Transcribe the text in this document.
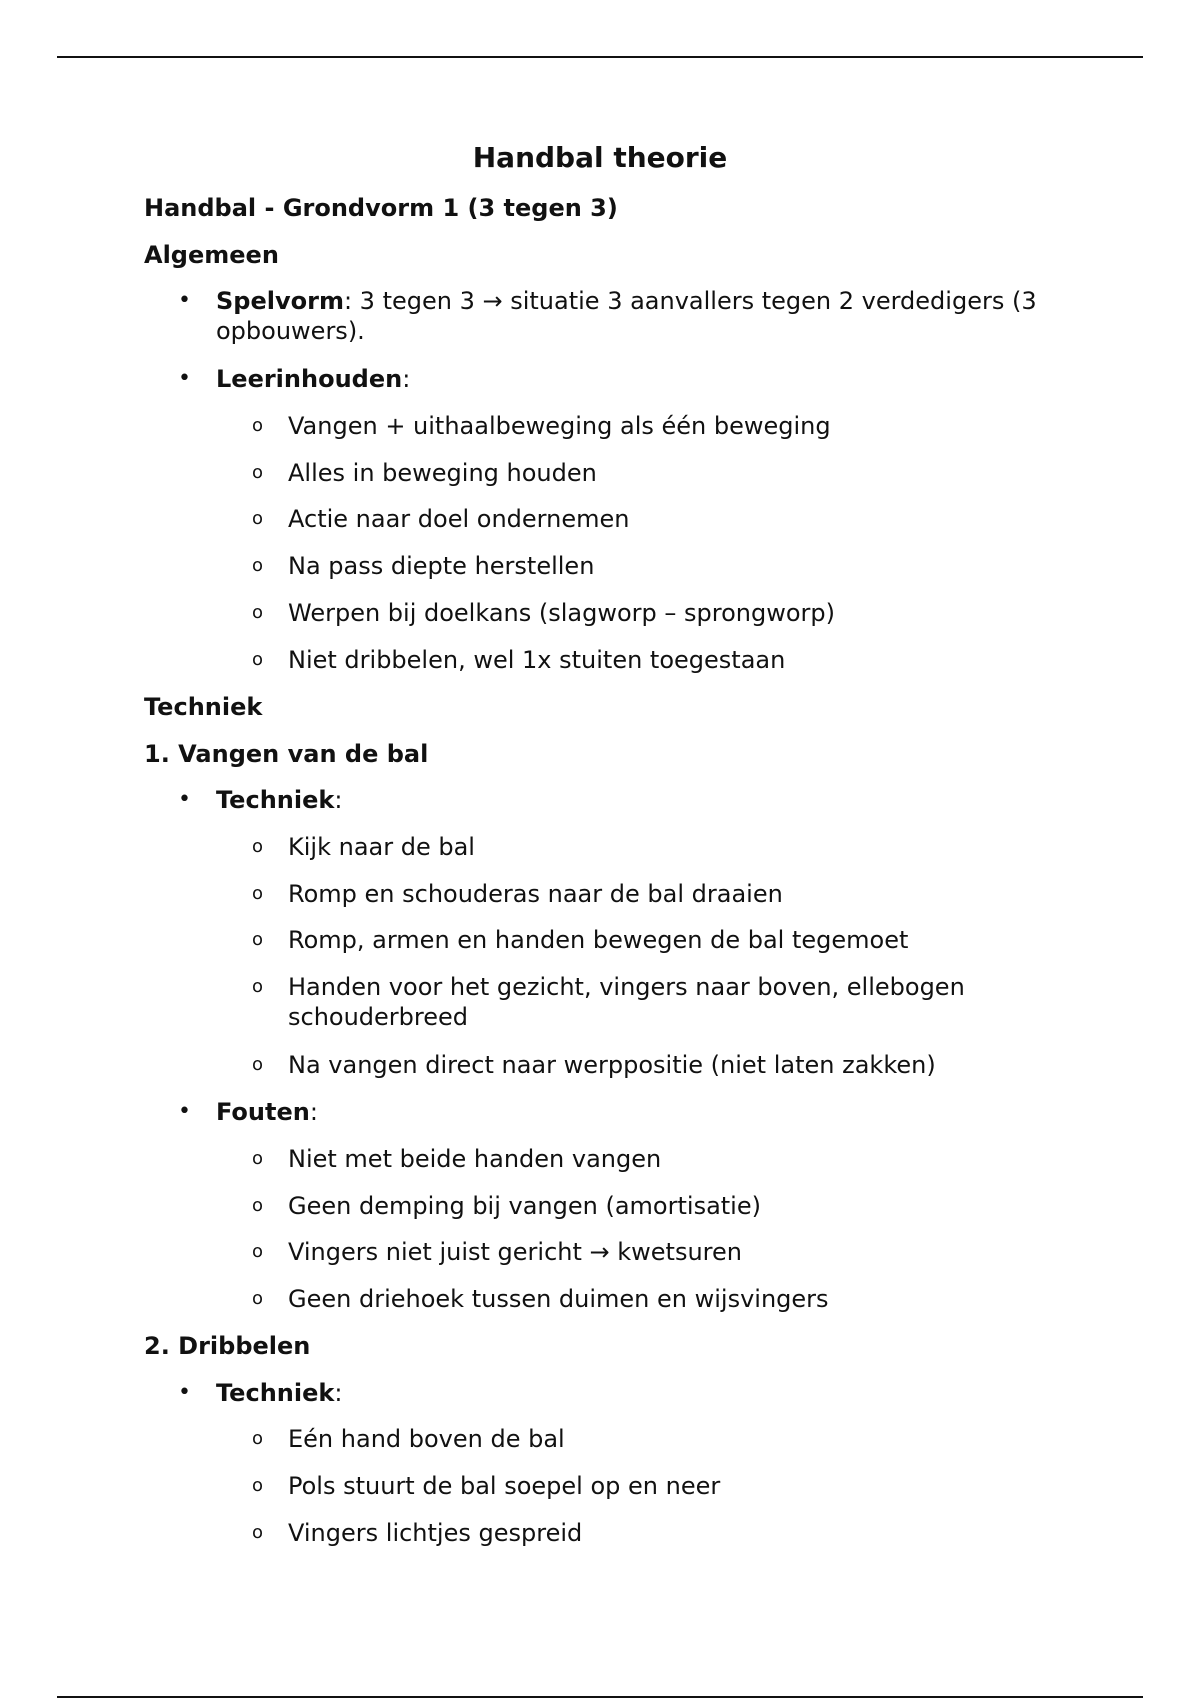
Handbal theorie
Handbal - Grondvorm 1 (3 tegen 3)
Algemeen
• Spelvorm: 3 tegen 3 → situatie 3 aanvallers tegen 2 verdedigers (3 opbouwers).
• Leerinhouden:
o Vangen + uithaalbeweging als één beweging
o Alles in beweging houden
o Actie naar doel ondernemen
o Na pass diepte herstellen
o Werpen bij doelkans (slagworp – sprongworp)
o Niet dribbelen, wel 1x stuiten toegestaan
Techniek
1. Vangen van de bal
• Techniek:
o Kijk naar de bal
o Romp en schouderas naar de bal draaien
o Romp, armen en handen bewegen de bal tegemoet
o Handen voor het gezicht, vingers naar boven, ellebogen schouderbreed
o Na vangen direct naar werppositie (niet laten zakken)
• Fouten:
o Niet met beide handen vangen
o Geen demping bij vangen (amortisatie)
o Vingers niet juist gericht → kwetsuren
o Geen driehoek tussen duimen en wijsvingers
2. Dribbelen
• Techniek:
o Eén hand boven de bal
o Pols stuurt de bal soepel op en neer
o Vingers lichtjes gespreid
